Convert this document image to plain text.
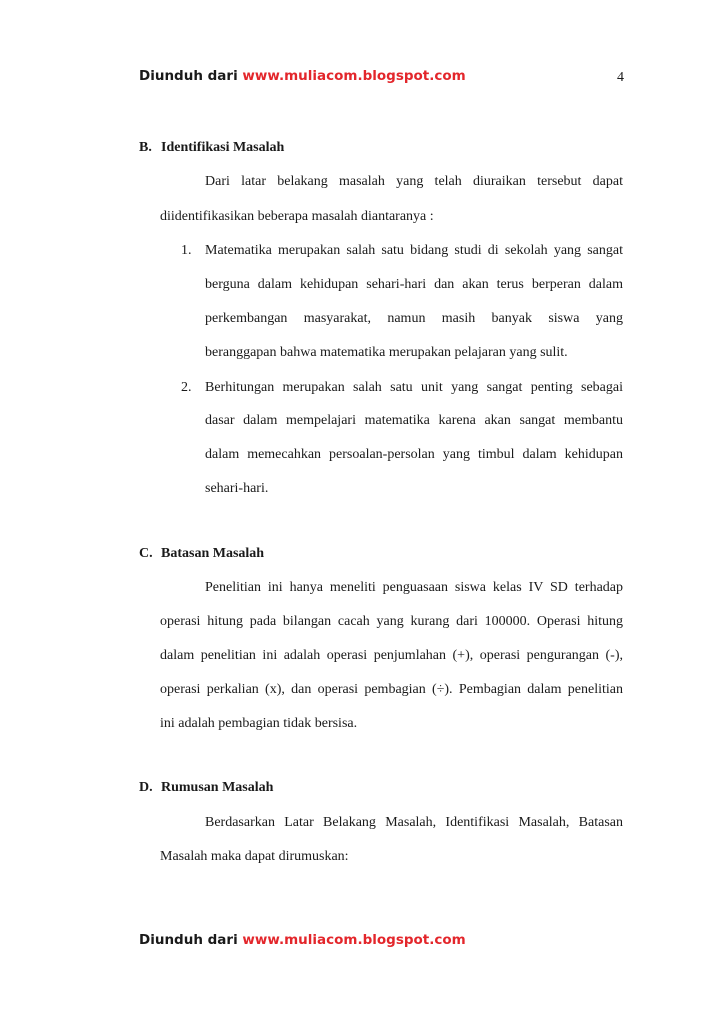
Diunduh dari www.muliacom.blogspot.com	4
B. Identifikasi Masalah
Dari latar belakang masalah yang telah diuraikan tersebut dapat
diidentifikasikan beberapa masalah diantaranya :
1. Matematika merupakan salah satu bidang studi di sekolah yang sangat
berguna dalam kehidupan sehari-hari dan akan terus berperan dalam
perkembangan masyarakat, namun masih banyak siswa yang
beranggapan bahwa matematika merupakan pelajaran yang sulit.
2. Berhitungan merupakan salah satu unit yang sangat penting sebagai
dasar dalam mempelajari matematika karena akan sangat membantu
dalam memecahkan persoalan-persolan yang timbul dalam kehidupan
sehari-hari.
C. Batasan Masalah
Penelitian ini hanya meneliti penguasaan siswa kelas IV SD terhadap
operasi hitung pada bilangan cacah yang kurang dari 100000. Operasi hitung
dalam penelitian ini adalah operasi penjumlahan (+), operasi pengurangan (-),
operasi perkalian (x), dan operasi pembagian (÷). Pembagian dalam penelitian
ini adalah pembagian tidak bersisa.
D. Rumusan Masalah
Berdasarkan Latar Belakang Masalah, Identifikasi Masalah, Batasan
Masalah maka dapat dirumuskan:
Diunduh dari www.muliacom.blogspot.com
